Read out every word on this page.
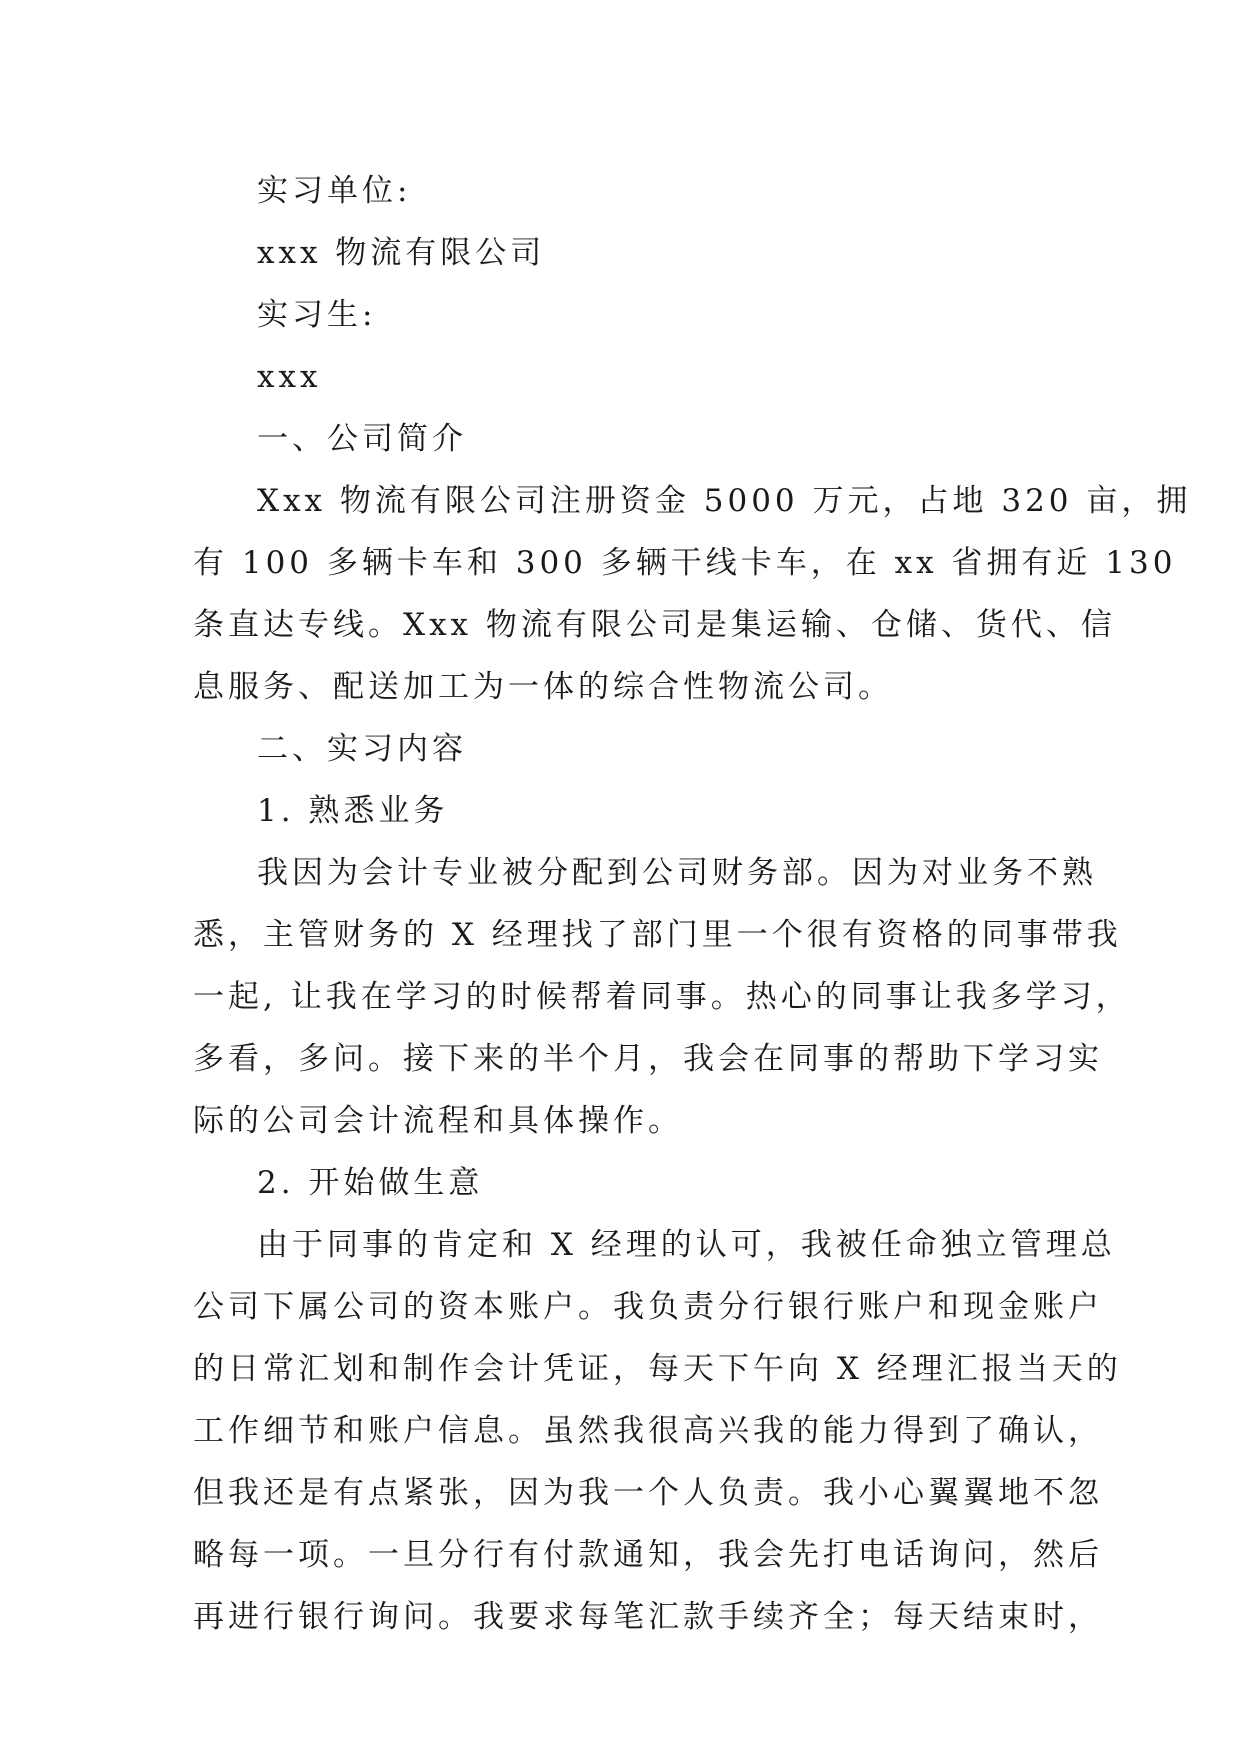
实习单位:

xxx 物流有限公司

实习生:

xxx

一、公司简介

Xxx 物流有限公司注册资金 5000 万元，占地 320 亩，拥
有 100 多辆卡车和 300 多辆干线卡车，在 xx 省拥有近 130
条直达专线。Xxx 物流有限公司是集运输、仓储、货代、信
息服务、配送加工为一体的综合性物流公司。

二、实习内容

1. 熟悉业务

我因为会计专业被分配到公司财务部。因为对业务不熟
悉，主管财务的 X 经理找了部门里一个很有资格的同事带我
一起, 让我在学习的时候帮着同事。热心的同事让我多学习，
多看，多问。接下来的半个月，我会在同事的帮助下学习实
际的公司会计流程和具体操作。

2. 开始做生意

由于同事的肯定和 X 经理的认可，我被任命独立管理总
公司下属公司的资本账户。我负责分行银行账户和现金账户
的日常汇划和制作会计凭证，每天下午向 X 经理汇报当天的
工作细节和账户信息。虽然我很高兴我的能力得到了确认，
但我还是有点紧张，因为我一个人负责。我小心翼翼地不忽
略每一项。一旦分行有付款通知，我会先打电话询问，然后
再进行银行询问。我要求每笔汇款手续齐全；每天结束时，
